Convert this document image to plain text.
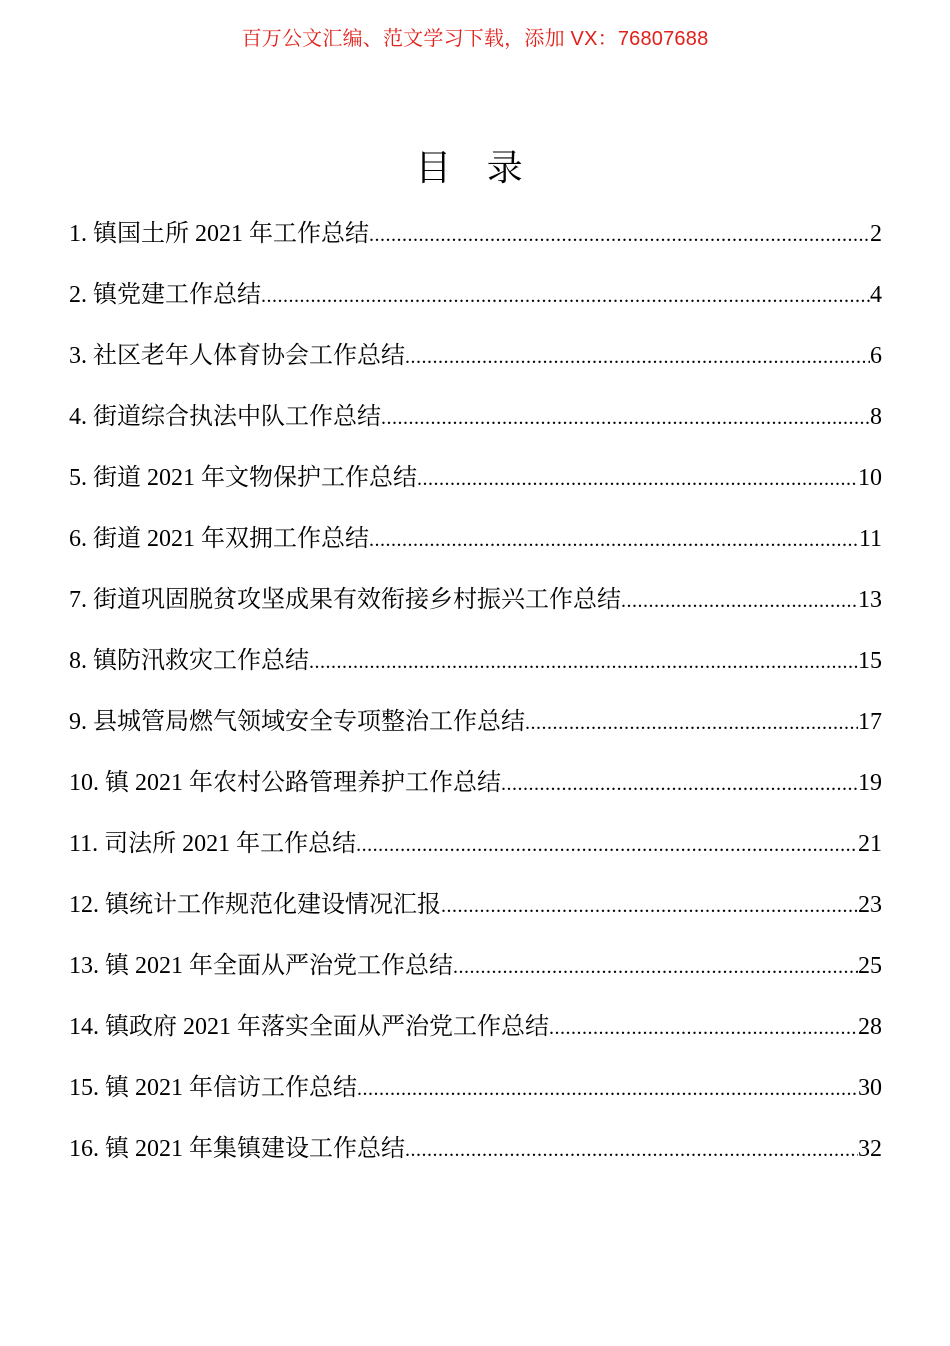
百万公文汇编、范文学习下载，添加 VX：76807688
目 录
1. 镇国土所 2021 年工作总结 .....	2
2. 镇党建工作总结 .....	4
3. 社区老年人体育协会工作总结 .....	6
4. 街道综合执法中队工作总结 .....	8
5. 街道 2021 年文物保护工作总结 .....	10
6. 街道 2021 年双拥工作总结 .....	11
7. 街道巩固脱贫攻坚成果有效衔接乡村振兴工作总结 .....	13
8. 镇防汛救灾工作总结 .....	15
9. 县城管局燃气领域安全专项整治工作总结 .....	17
10. 镇 2021 年农村公路管理养护工作总结 .....	19
11. 司法所 2021 年工作总结 .....	21
12. 镇统计工作规范化建设情况汇报 .....	23
13. 镇 2021 年全面从严治党工作总结 .....	25
14. 镇政府 2021 年落实全面从严治党工作总结 .....	28
15. 镇 2021 年信访工作总结 .....	30
16. 镇 2021 年集镇建设工作总结 .....	32
